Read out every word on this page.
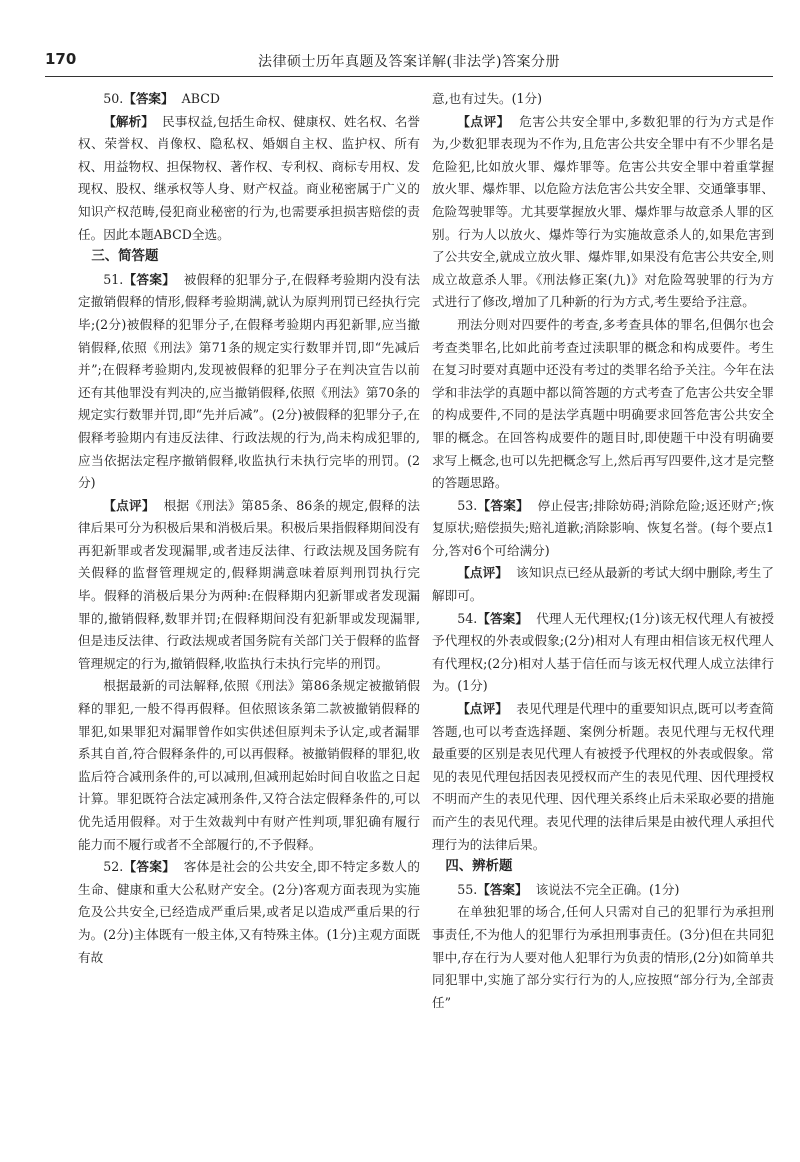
170	法律硕士历年真题及答案详解(非法学)答案分册

50.【答案】 ABCD

【解析】 民事权益,包括生命权、健康权、姓名权、名誉权、荣誉权、肖像权、隐私权、婚姻自主权、监护权、所有权、用益物权、担保物权、著作权、专利权、商标专用权、发现权、股权、继承权等人身、财产权益。商业秘密属于广义的知识产权范畴,侵犯商业秘密的行为,也需要承担损害赔偿的责任。因此本题ABCD全选。

三、简答题

51.【答案】 被假释的犯罪分子,在假释考验期内没有法定撤销假释的情形,假释考验期满,就认为原判刑罚已经执行完毕;(2分)被假释的犯罪分子,在假释考验期内再犯新罪,应当撤销假释,依照《刑法》第71条的规定实行数罪并罚,即“先减后并”;在假释考验期内,发现被假释的犯罪分子在判决宣告以前还有其他罪没有判决的,应当撤销假释,依照《刑法》第70条的规定实行数罪并罚,即“先并后减”。(2分)被假释的犯罪分子,在假释考验期内有违反法律、行政法规的行为,尚未构成犯罪的,应当依据法定程序撤销假释,收监执行未执行完毕的刑罚。(2分)

【点评】 根据《刑法》第85条、86条的规定,假释的法律后果可分为积极后果和消极后果。积极后果指假释期间没有再犯新罪或者发现漏罪,或者违反法律、行政法规及国务院有关假释的监督管理规定的,假释期满意味着原判刑罚执行完毕。假释的消极后果分为两种:在假释期内犯新罪或者发现漏罪的,撤销假释,数罪并罚;在假释期间没有犯新罪或发现漏罪,但是违反法律、行政法规或者国务院有关部门关于假释的监督管理规定的行为,撤销假释,收监执行未执行完毕的刑罚。

根据最新的司法解释,依照《刑法》第86条规定被撤销假释的罪犯,一般不得再假释。但依照该条第二款被撤销假释的罪犯,如果罪犯对漏罪曾作如实供述但原判未予认定,或者漏罪系其自首,符合假释条件的,可以再假释。被撤销假释的罪犯,收监后符合减刑条件的,可以减刑,但减刑起始时间自收监之日起计算。罪犯既符合法定减刑条件,又符合法定假释条件的,可以优先适用假释。对于生效裁判中有财产性判项,罪犯确有履行能力而不履行或者不全部履行的,不予假释。

52.【答案】 客体是社会的公共安全,即不特定多数人的生命、健康和重大公私财产安全。(2分)客观方面表现为实施危及公共安全,已经造成严重后果,或者足以造成严重后果的行为。(2分)主体既有一般主体,又有特殊主体。(1分)主观方面既有故

意,也有过失。(1分)

【点评】 危害公共安全罪中,多数犯罪的行为方式是作为,少数犯罪表现为不作为,且危害公共安全罪中有不少罪名是危险犯,比如放火罪、爆炸罪等。危害公共安全罪中着重掌握放火罪、爆炸罪、以危险方法危害公共安全罪、交通肇事罪、危险驾驶罪等。尤其要掌握放火罪、爆炸罪与故意杀人罪的区别。行为人以放火、爆炸等行为实施故意杀人的,如果危害到了公共安全,就成立放火罪、爆炸罪,如果没有危害公共安全,则成立故意杀人罪。《刑法修正案(九)》对危险驾驶罪的行为方式进行了修改,增加了几种新的行为方式,考生要给予注意。

刑法分则对四要件的考查,多考查具体的罪名,但偶尔也会考查类罪名,比如此前考查过渎职罪的概念和构成要件。考生在复习时要对真题中还没有考过的类罪名给予关注。今年在法学和非法学的真题中都以简答题的方式考查了危害公共安全罪的构成要件,不同的是法学真题中明确要求回答危害公共安全罪的概念。在回答构成要件的题目时,即使题干中没有明确要求写上概念,也可以先把概念写上,然后再写四要件,这才是完整的答题思路。

53.【答案】 停止侵害;排除妨碍;消除危险;返还财产;恢复原状;赔偿损失;赔礼道歉;消除影响、恢复名誉。(每个要点1分,答对6个可给满分)

【点评】 该知识点已经从最新的考试大纲中删除,考生了解即可。

54.【答案】 代理人无代理权;(1分)该无权代理人有被授予代理权的外表或假象;(2分)相对人有理由相信该无权代理人有代理权;(2分)相对人基于信任而与该无权代理人成立法律行为。(1分)

【点评】 表见代理是代理中的重要知识点,既可以考查简答题,也可以考查选择题、案例分析题。表见代理与无权代理最重要的区别是表见代理人有被授予代理权的外表或假象。常见的表见代理包括因表见授权而产生的表见代理、因代理授权不明而产生的表见代理、因代理关系终止后未采取必要的措施而产生的表见代理。表见代理的法律后果是由被代理人承担代理行为的法律后果。

四、辨析题

55.【答案】 该说法不完全正确。(1分)

在单独犯罪的场合,任何人只需对自己的犯罪行为承担刑事责任,不为他人的犯罪行为承担刑事责任。(3分)但在共同犯罪中,存在行为人要对他人犯罪行为负责的情形,(2分)如简单共同犯罪中,实施了部分实行行为的人,应按照“部分行为,全部责任”
